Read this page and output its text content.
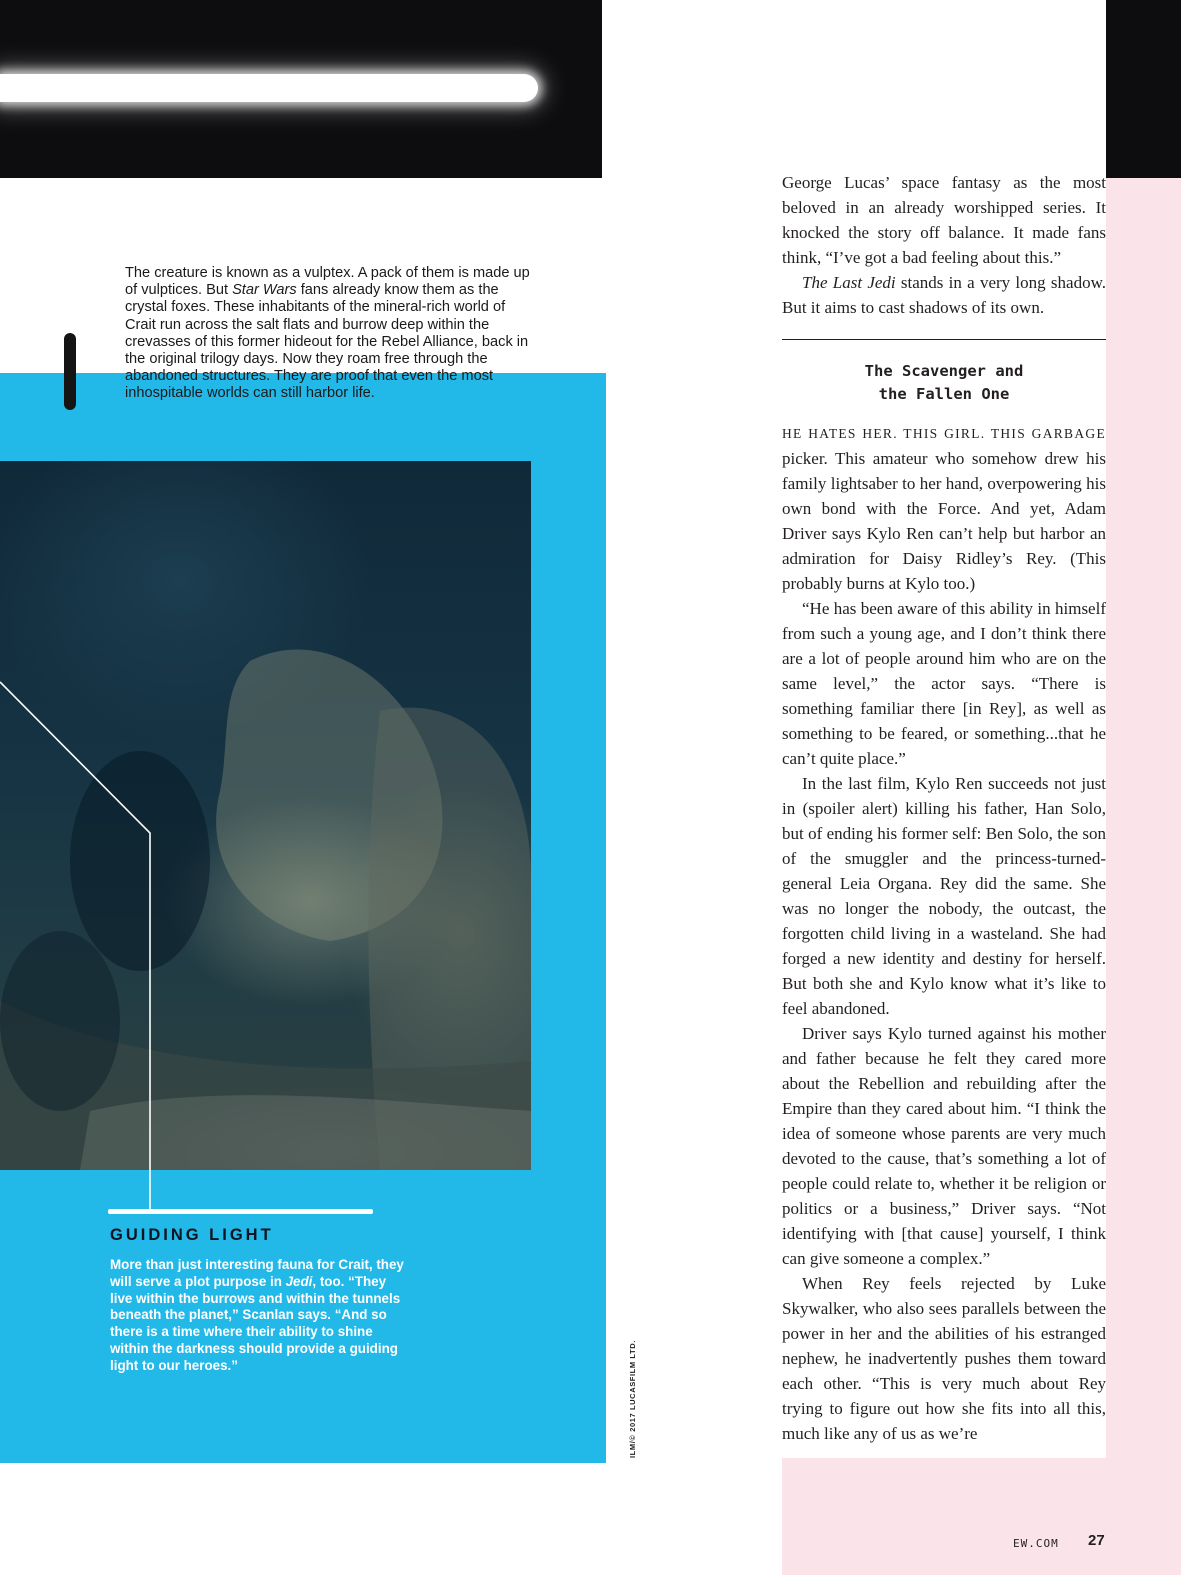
The creature is known as a vulptex. A pack of them is made up of vulptices. But Star Wars fans already know them as the crystal foxes. These inhabitants of the mineral-rich world of Crait run across the salt flats and burrow deep within the crevasses of this former hideout for the Rebel Alliance, back in the original trilogy days. Now they roam free through the abandoned structures. They are proof that even the most inhospitable worlds can still harbor life.

GUIDING LIGHT

More than just interesting fauna for Crait, they will serve a plot purpose in Jedi, too. “They live within the burrows and within the tunnels beneath the planet,” Scanlan says. “And so there is a time where their ability to shine within the darkness should provide a guiding light to our heroes.”	ILM/© 2017 LUCASFILM LTD.

George Lucas’ space fantasy as the most beloved in an already worshipped series. It knocked the story off balance. It made fans think, “I’ve got a bad feeling about this.”

The Last Jedi stands in a very long shadow. But it aims to cast shadows of its own.

The Scavenger and
the Fallen One

HE HATES HER. THIS GIRL. THIS GARBAGE picker. This amateur who somehow drew his family lightsaber to her hand, overpowering his own bond with the Force. And yet, Adam Driver says Kylo Ren can’t help but harbor an admiration for Daisy Ridley’s Rey. (This probably burns at Kylo too.)

“He has been aware of this ability in himself from such a young age, and I don’t think there are a lot of people around him who are on the same level,” the actor says. “There is something familiar there [in Rey], as well as something to be feared, or something...that he can’t quite place.”

In the last film, Kylo Ren succeeds not just in (spoiler alert) killing his father, Han Solo, but of ending his former self: Ben Solo, the son of the smuggler and the princess-turned-general Leia Organa. Rey did the same. She was no longer the nobody, the outcast, the forgotten child living in a wasteland. She had forged a new identity and destiny for herself. But both she and Kylo know what it’s like to feel abandoned.

Driver says Kylo turned against his mother and father because he felt they cared more about the Rebellion and rebuilding after the Empire than they cared about him. “I think the idea of someone whose parents are very much devoted to the cause, that’s something a lot of people could relate to, whether it be religion or politics or a business,” Driver says. “Not identifying with [that cause] yourself, I think can give someone a complex.”

When Rey feels rejected by Luke Skywalker, who also sees parallels between the power in her and the abilities of his estranged nephew, he inadvertently pushes them toward each other. “This is very much about Rey trying to figure out how she fits into all this, much like any of us as we’re

EW.COM 27
